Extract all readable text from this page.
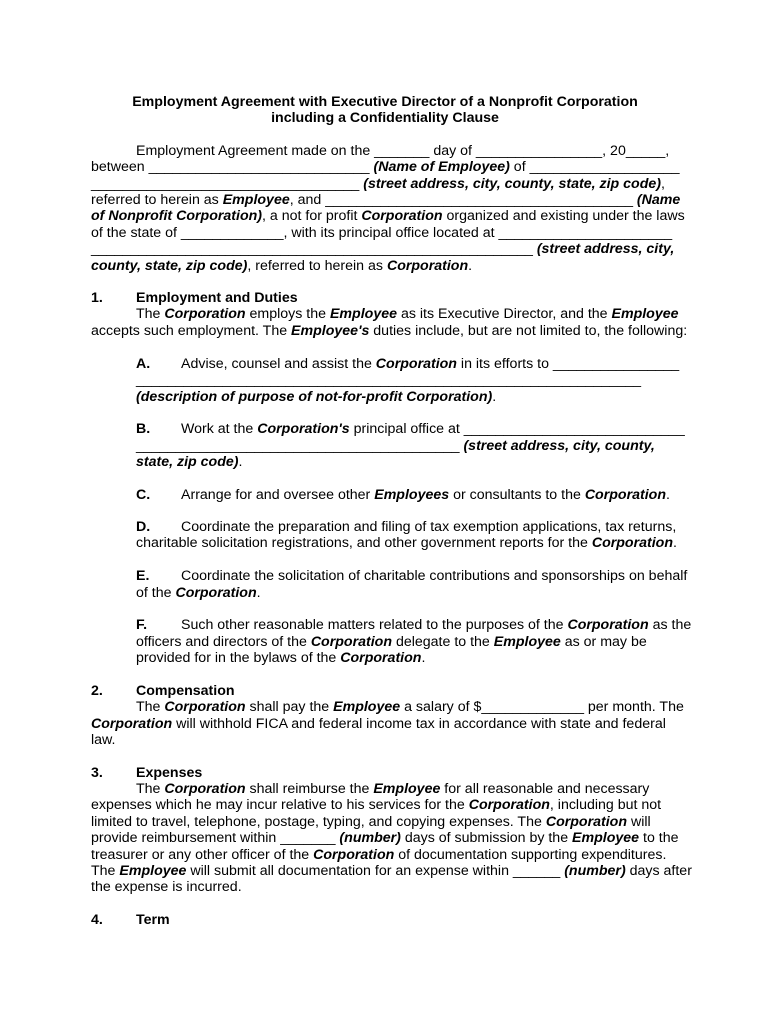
Employment Agreement with Executive Director of a Nonprofit Corporation
including a Confidentiality Clause
Employment Agreement made on the _______ day of ________________, 20_____,
between ____________________________ (Name of Employee) of ___________________
__________________________________ (street address, city, county, state, zip code),
referred to herein as Employee, and _______________________________________ (Name
of Nonprofit Corporation), a not for profit Corporation organized and existing under the laws
of the state of _____________, with its principal office located at ______________________
________________________________________________________ (street address, city,
county, state, zip code), referred to herein as Corporation.
1. Employment and Duties
The Corporation employs the Employee as its Executive Director, and the Employee
accepts such employment. The Employee's duties include, but are not limited to, the following:
A. Advise, counsel and assist the Corporation in its efforts to ________________
________________________________________________________________
(description of purpose of not-for-profit Corporation).
B. Work at the Corporation's principal office at ____________________________
_________________________________________ (street address, city, county,
state, zip code).
C. Arrange for and oversee other Employees or consultants to the Corporation.
D. Coordinate the preparation and filing of tax exemption applications, tax returns,
charitable solicitation registrations, and other government reports for the Corporation.
E. Coordinate the solicitation of charitable contributions and sponsorships on behalf
of the Corporation.
F. Such other reasonable matters related to the purposes of the Corporation as the
officers and directors of the Corporation delegate to the Employee as or may be
provided for in the bylaws of the Corporation.
2. Compensation
The Corporation shall pay the Employee a salary of $_____________ per month. The
Corporation will withhold FICA and federal income tax in accordance with state and federal
law.
3. Expenses
The Corporation shall reimburse the Employee for all reasonable and necessary
expenses which he may incur relative to his services for the Corporation, including but not
limited to travel, telephone, postage, typing, and copying expenses. The Corporation will
provide reimbursement within _______ (number) days of submission by the Employee to the
treasurer or any other officer of the Corporation of documentation supporting expenditures.
The Employee will submit all documentation for an expense within ______ (number) days after
the expense is incurred.
4. Term
